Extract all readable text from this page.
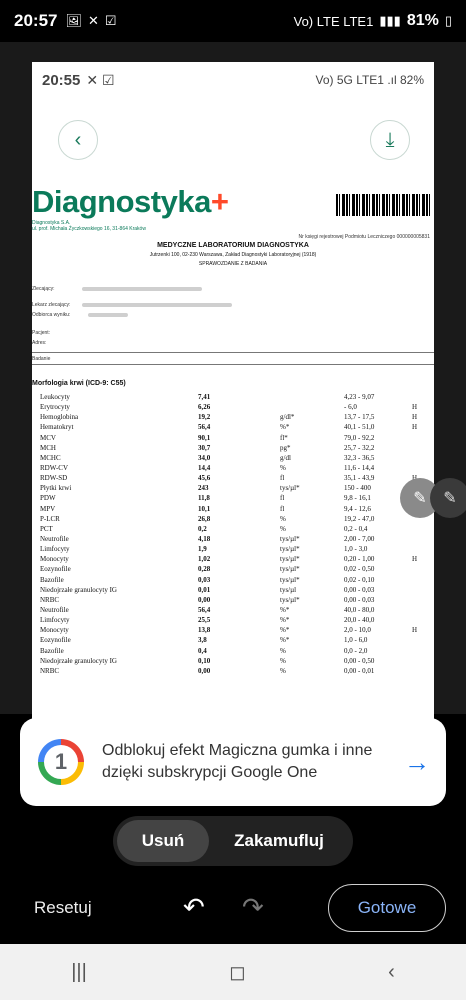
20:57 🖼 ✕ ☑	Vo) LTE LTE1 ▮▮▮ 81% ▯
20:55 ✕ ☑	Vo) 5G LTE1 .ıl 82%
‹	⤓
Diagnostyka+
Diagnostyka S.A.
ul. prof. Michała Życzkowskiego 16, 31-864 Kraków
Nr księgi rejestrowej Podmiotu Leczniczego 000000005831
MEDYCZNE LABORATORIUM DIAGNOSTYKA
Jutrzenki 100, 02-230 Warszawa, Zakład Diagnostyki Laboratoryjnej (1918)
SPRAWOZDANIE Z BADANIA
Zlecający:
Lekarz zlecający:
Odbiorca wyniku:
Pacjent:
Adres:
Badanie
Morfologia krwi (ICD-9: C55)
Leukocyty	7,41		4,23 - 9,07	
Erytrocyty	6,26		- 6,0	H
Hemoglobina	19,2	g/dl*	13,7 - 17,5	H
Hematokryt	56,4	%*	40,1 - 51,0	H
MCV	90,1	fl*	79,0 - 92,2	
MCH	30,7	pg*	25,7 - 32,2	
MCHC	34,0	g/dl	32,3 - 36,5	
RDW-CV	14,4	%	11,6 - 14,4	
RDW-SD	45,6	fl	35,1 - 43,9	
Płytki krwi	243	tys/µl*	150 - 400	
PDW	11,8	fl	9,8 - 16,1	
MPV	10,1	fl	9,4 - 12,6	
P-LCR	26,8	%	19,2 - 47,0	
PCT	0,2	%	0,2 - 0,4	
Neutrofile	4,18	tys/µl*	2,00 - 7,00	
Limfocyty	1,9	tys/µl*	1,0 - 3,0	
Monocyty	1,02	tys/µl*	0,20 - 1,00	H
Eozynofile	0,28	tys/µl*	0,02 - 0,50	
Bazofile	0,03	tys/µl*	0,02 - 0,10	
Niedojrzałe granulocyty IG	0,01	tys/µl	0,00 - 0,03	
NRBC	0,00	tys/µl*	0,00 - 0,03	
Neutrofile	56,4	%*	40,0 - 80,0	
Limfocyty	25,5	%*	20,0 - 40,0	
Monocyty	13,8	%*	2,0 - 10,0	H
Eozynofile	3,8	%*	1,0 - 6,0	
Bazofile	0,4	%	0,0 - 2,0	
Niedojrzałe granulocyty IG	0,10	%	0,00 - 0,50	
NRBC	0,00	%	0,00 - 0,01	
✎	✎
1	Odblokuj efekt Magiczna gumka i inne dzięki subskrypcji Google One	→
Usuń	Zakamufluj
Resetuj	↶ ↷	Gotowe
|||	◻	‹
